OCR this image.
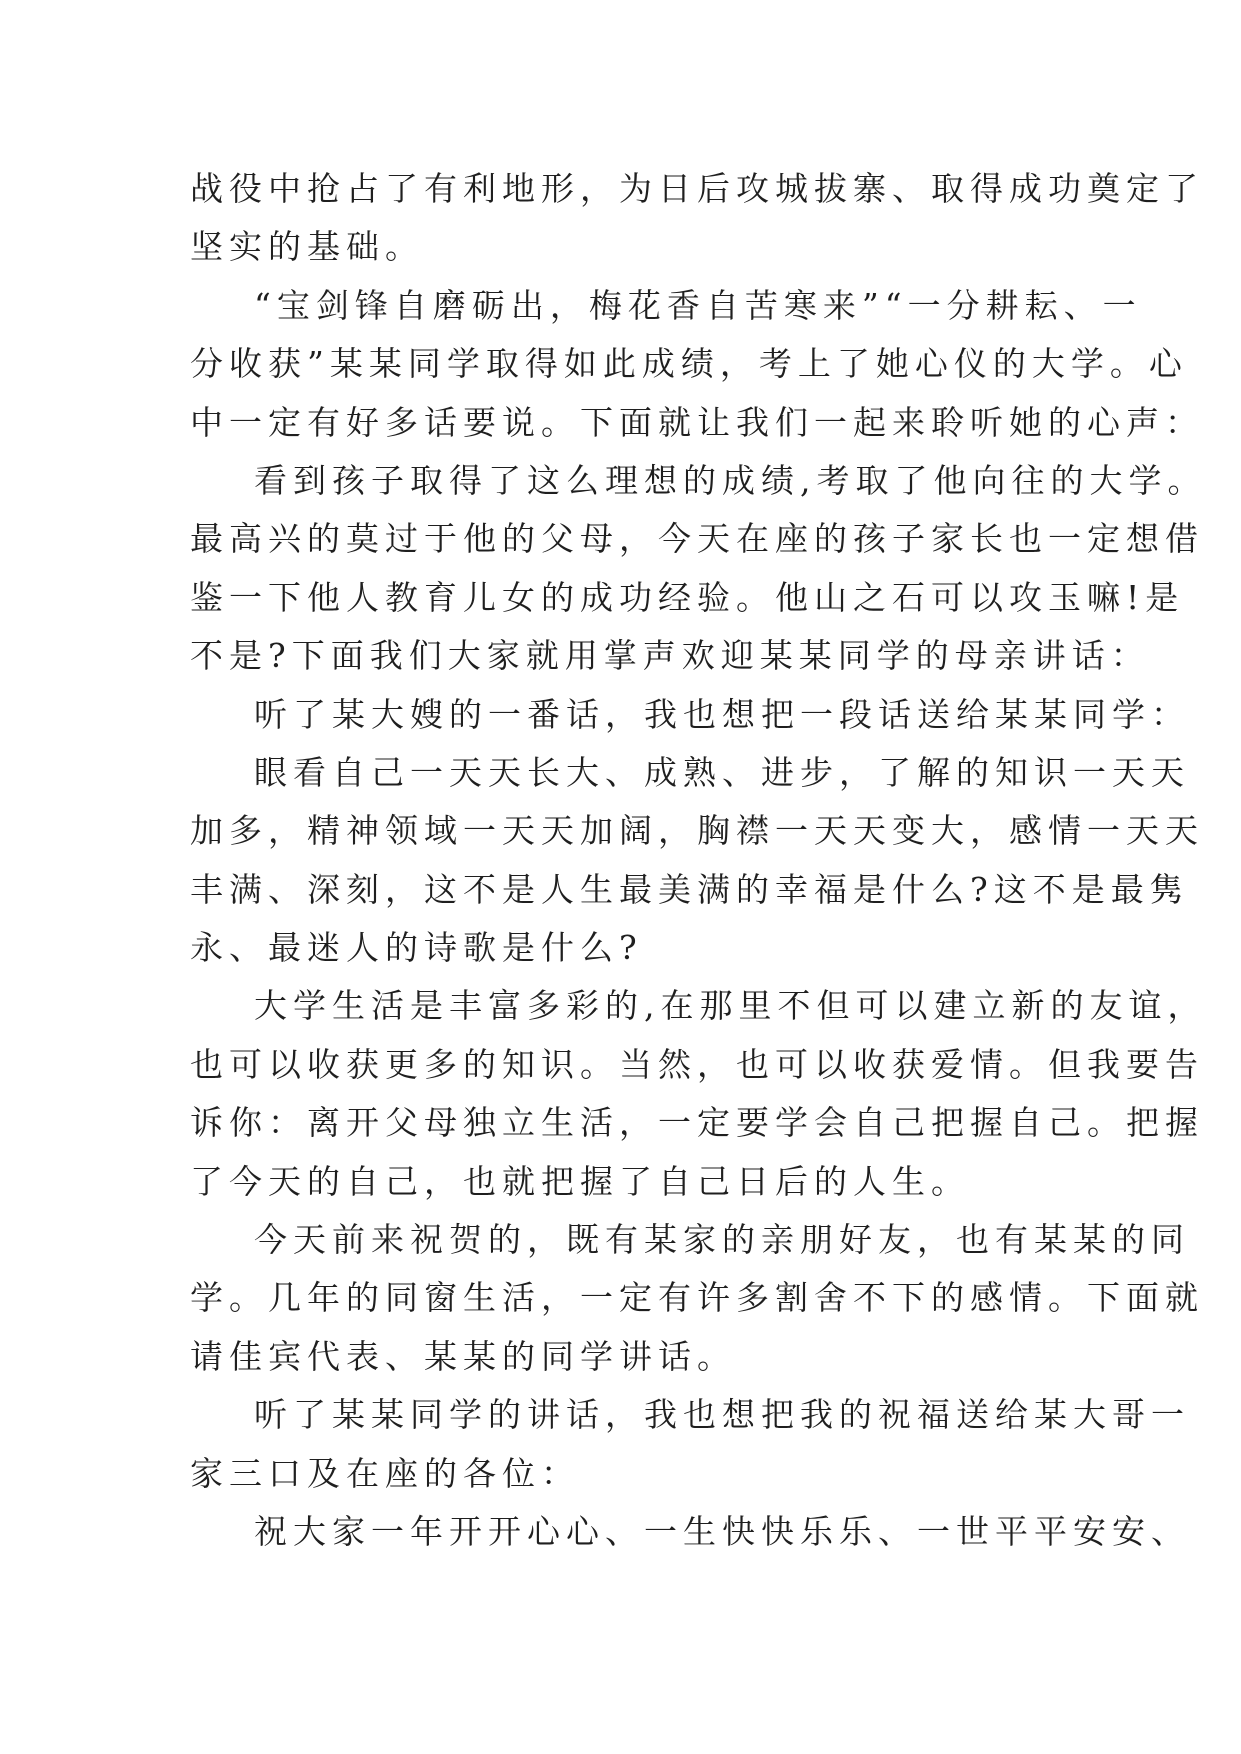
战役中抢占了有利地形，为日后攻城拔寨、取得成功奠定了
坚实的基础。
“宝剑锋自磨砺出，梅花香自苦寒来”“一分耕耘、一
分收获”某某同学取得如此成绩，考上了她心仪的大学。心
中一定有好多话要说。下面就让我们一起来聆听她的心声：
看到孩子取得了这么理想的成绩,考取了他向往的大学。
最高兴的莫过于他的父母，今天在座的孩子家长也一定想借
鉴一下他人教育儿女的成功经验。他山之石可以攻玉嘛!是
不是?下面我们大家就用掌声欢迎某某同学的母亲讲话：
听了某大嫂的一番话，我也想把一段话送给某某同学：
眼看自己一天天长大、成熟、进步，了解的知识一天天
加多，精神领域一天天加阔，胸襟一天天变大，感情一天天
丰满、深刻，这不是人生最美满的幸福是什么?这不是最隽
永、最迷人的诗歌是什么?
大学生活是丰富多彩的,在那里不但可以建立新的友谊，
也可以收获更多的知识。当然，也可以收获爱情。但我要告
诉你：离开父母独立生活，一定要学会自己把握自己。把握
了今天的自己，也就把握了自己日后的人生。
今天前来祝贺的，既有某家的亲朋好友，也有某某的同
学。几年的同窗生活，一定有许多割舍不下的感情。下面就
请佳宾代表、某某的同学讲话。
听了某某同学的讲话，我也想把我的祝福送给某大哥一
家三口及在座的各位：
祝大家一年开开心心、一生快快乐乐、一世平平安安、
